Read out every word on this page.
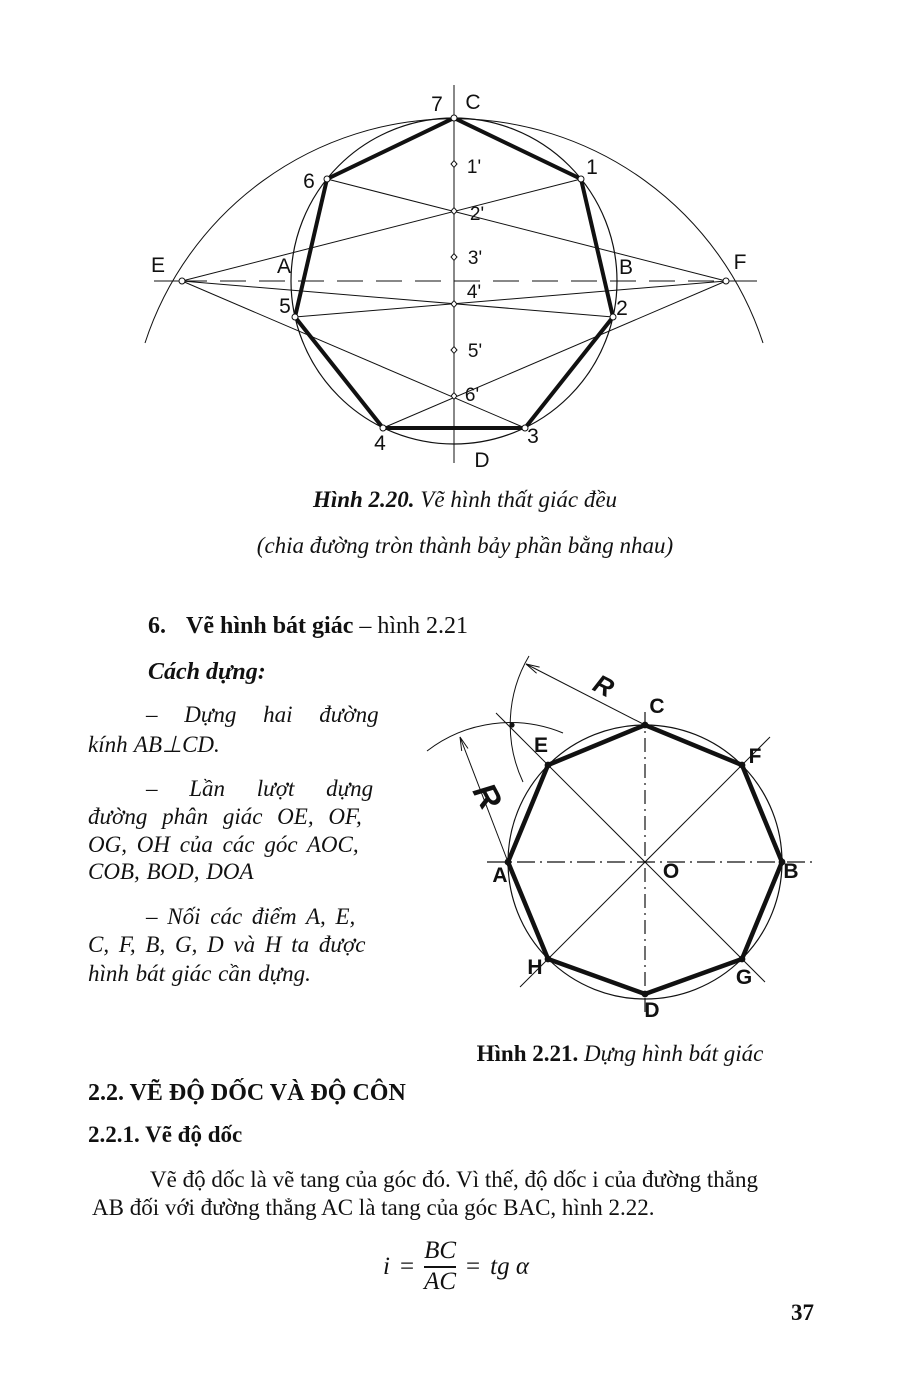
7 C
1
6
E	A	B	F
5	2
3
4
D
1'
2'
3'
4'
5'
6'
Hình 2.20. Vẽ hình thất giác đều
(chia đường tròn thành bảy phần bằng nhau)
6. Vẽ hình bát giác – hình 2.21
Cách dựng:
– Dựng hai đường
kính AB⊥CD.
– Lần lượt dựng
đường phân giác OE, OF,
OG, OH của các góc AOC,
COB, BOD, DOA
– Nối các điểm A, E,
C, F, B, G, D và H ta được
hình bát giác cần dựng.
C
E	F
A	O	B
H	G
D
R
R
Hình 2.21. Dựng hình bát giác
2.2. VẼ ĐỘ DỐC VÀ ĐỘ CÔN
2.2.1. Vẽ độ dốc
Vẽ độ dốc là vẽ tang của góc đó. Vì thế, độ dốc i của đường thẳng
AB đối với đường thẳng AC là tang của góc BAC, hình 2.22.
$i = \frac{BC}{AC}$ = tg α
37
